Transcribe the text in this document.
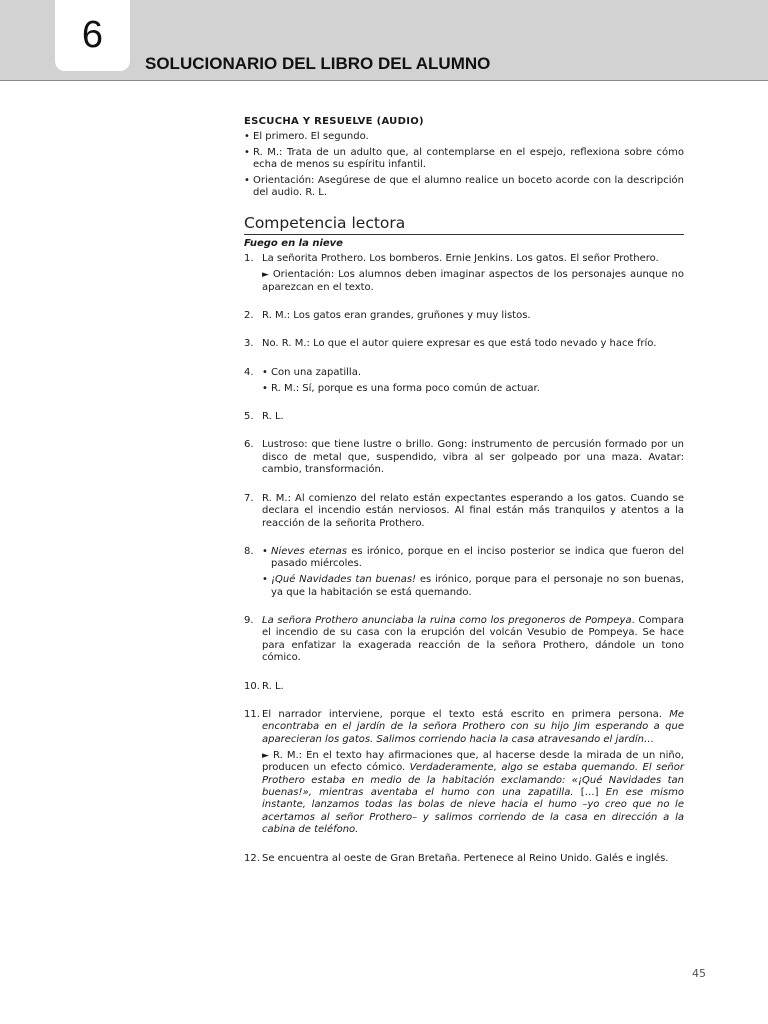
6
SOLUCIONARIO DEL LIBRO DEL ALUMNO
ESCUCHA Y RESUELVE (AUDIO)
• El primero. El segundo.
• R. M.: Trata de un adulto que, al contemplarse en el espejo, reflexiona sobre cómo echa de menos su espíritu infantil.
• Orientación: Asegúrese de que el alumno realice un boceto acorde con la descripción del audio. R. L.
Competencia lectora
Fuego en la nieve
1. La señorita Prothero. Los bomberos. Ernie Jenkins. Los gatos. El señor Prothero.

► Orientación: Los alumnos deben imaginar aspectos de los personajes aunque no aparezcan en el texto.

2. R. M.: Los gatos eran grandes, gruñones y muy listos.

3. No. R. M.: Lo que el autor quiere expresar es que está todo nevado y hace frío.

4.	• Con una zapatilla.

• R. M.: Sí, porque es una forma poco común de actuar.

5. R. L.

6. Lustroso: que tiene lustre o brillo. Gong: instrumento de percusión formado por un disco de metal que, suspendido, vibra al ser golpeado por una maza. Avatar: cambio, transformación.

7. R. M.: Al comienzo del relato están expectantes esperando a los gatos. Cuando se declara el incendio están nerviosos. Al final están más tranquilos y atentos a la reacción de la señorita Prothero.

8.	• Nieves eternas es irónico, porque en el inciso posterior se indica que fueron del pasado miércoles.

• ¡Qué Navidades tan buenas! es irónico, porque para el personaje no son buenas, ya que la habitación se está quemando.

9. La señora Prothero anunciaba la ruina como los pregoneros de Pompeya. Compara el incendio de su casa con la erupción del volcán Vesubio de Pompeya. Se hace para enfatizar la exagerada reacción de la señora Prothero, dándole un tono cómico.

10. R. L.

11. El narrador interviene, porque el texto está escrito en primera persona. Me encontraba en el jardín de la señora Prothero con su hijo Jim esperando a que aparecieran los gatos. Salimos corriendo hacia la casa atravesando el jardín…

► R. M.: En el texto hay afirmaciones que, al hacerse desde la mirada de un niño, producen un efecto cómico. Verdaderamente, algo se estaba quemando. El señor Prothero estaba en medio de la habitación exclamando: «¡Qué Navidades tan buenas!», mientras aventaba el humo con una zapatilla. […] En ese mismo instante, lanzamos todas las bolas de nieve hacia el humo –yo creo que no le acertamos al señor Prothero– y salimos corriendo de la casa en dirección a la cabina de teléfono.

12. Se encuentra al oeste de Gran Bretaña. Pertenece al Reino Unido. Galés e inglés.

45
